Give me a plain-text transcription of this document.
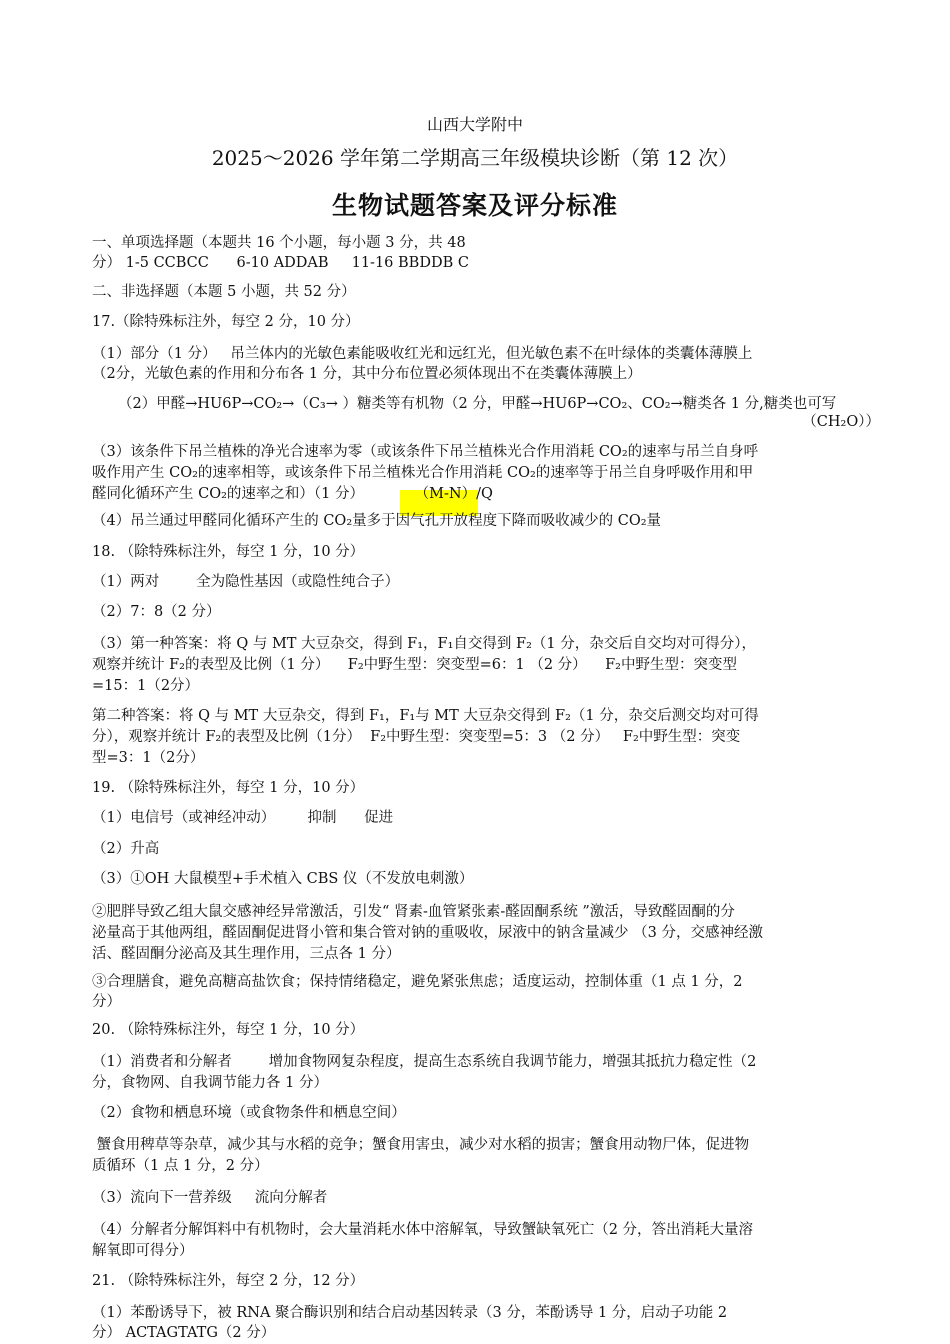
山西大学附中
2025～2026 学年第二学期高三年级模块诊断（第 12 次）
生物试题答案及评分标准
一、单项选择题（本题共 16 个小题，每小题 3 分，共 48
分） 1-5 CCBCC      6-10 ADDAB     11-16 BBDDB C
二、非选择题（本题 5 小题，共 52 分）
17.（除特殊标注外，每空 2 分，10 分）
（1）部分（1 分）   吊兰体内的光敏色素能吸收红光和远红光，但光敏色素不在叶绿体的类囊体薄膜上
（2分，光敏色素的作用和分布各 1 分，其中分布位置必须体现出不在类囊体薄膜上）
（2）甲醛→HU6P→CO₂→（C₃→ ）糖类等有机物（2 分，甲醛→HU6P→CO₂、CO₂→糖类各 1 分,糖类也可写
（CH₂O））
（3）该条件下吊兰植株的净光合速率为零（或该条件下吊兰植株光合作用消耗 CO₂的速率与吊兰自身呼
吸作用产生 CO₂的速率相等，或该条件下吊兰植株光合作用消耗 CO₂的速率等于吊兰自身呼吸作用和甲
醛同化循环产生 CO₂的速率之和）（1 分）           （M-N）/Q
（4）吊兰通过甲醛同化循环产生的 CO₂量多于因气孔开放程度下降而吸收减少的 CO₂量
18. （除特殊标注外，每空 1 分，10 分）
（1）两对        全为隐性基因（或隐性纯合子）
（2）7：8（2 分）
（3）第一种答案：将 Q 与 MT 大豆杂交，得到 F₁，F₁自交得到 F₂（1 分，杂交后自交均对可得分），
观察并统计 F₂的表型及比例（1 分）    F₂中野生型：突变型=6：1 （2 分）    F₂中野生型：突变型
=15：1（2分）
第二种答案：将 Q 与 MT 大豆杂交，得到 F₁，F₁与 MT 大豆杂交得到 F₂（1 分，杂交后测交均对可得
分），观察并统计 F₂的表型及比例（1分）  F₂中野生型：突变型=5：3 （2 分）   F₂中野生型：突变
型=3：1（2分）
19. （除特殊标注外，每空 1 分，10 分）
（1）电信号（或神经冲动）       抑制      促进
（2）升高
（3）①OH 大鼠模型+手术植入 CBS 仪（不发放电刺激）
②肥胖导致乙组大鼠交感神经异常激活，引发“ 肾素-血管紧张素-醛固酮系统 ”激活，导致醛固酮的分
泌量高于其他两组，醛固酮促进肾小管和集合管对钠的重吸收，尿液中的钠含量减少 （3 分，交感神经激
活、醛固酮分泌高及其生理作用，三点各 1 分）
③合理膳食，避免高糖高盐饮食；保持情绪稳定，避免紧张焦虑；适度运动，控制体重（1 点 1 分，2
分）
20. （除特殊标注外，每空 1 分，10 分）
（1）消费者和分解者        增加食物网复杂程度，提高生态系统自我调节能力，增强其抵抗力稳定性（2
分，食物网、自我调节能力各 1 分）
（2）食物和栖息环境（或食物条件和栖息空间）
蟹食用稗草等杂草，减少其与水稻的竞争；蟹食用害虫，减少对水稻的损害；蟹食用动物尸体，促进物
质循环（1 点 1 分，2 分）
（3）流向下一营养级     流向分解者
（4）分解者分解饵料中有机物时，会大量消耗水体中溶解氧，导致蟹缺氧死亡（2 分，答出消耗大量溶
解氧即可得分）
21. （除特殊标注外，每空 2 分，12 分）
（1）苯酚诱导下，被 RNA 聚合酶识别和结合启动基因转录（3 分，苯酚诱导 1 分，启动子功能 2
分） ACTAGTATG（2 分）
